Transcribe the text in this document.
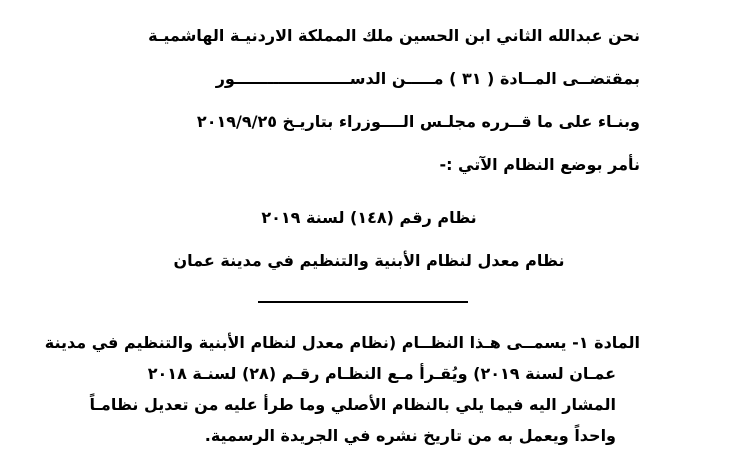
نحن عبدالله الثاني ابن الحسين ملك المملكة الاردنيـة الهاشميـة
بمقتضــى المــادة ( ٣١ ) مـــــن الدســـــــــــــــــــــور
وبنـاء على ما قــرره مجلـس الــــوزراء بتاريـخ ٢٠١٩/٩/٢٥
نأمر بوضع النظام الآتي :-
نظام رقم (١٤٨) لسنة ٢٠١٩
نظام معدل لنظام الأبنية والتنظيم في مدينة عمان
المادة ١- يسمــى هـذا النظــام (نظام معدل لنظام الأبنية والتنظيم في مدينة
عمـان لسنة ٢٠١٩) ويُقـرأ مـع النظـام رقـم (٢٨) لسنـة ٢٠١٨
المشار اليه فيما يلي بالنظام الأصلي وما طرأ عليه من تعديل نظامـاً
واحداً ويعمل به من تاريخ نشره في الجريدة الرسمية.
